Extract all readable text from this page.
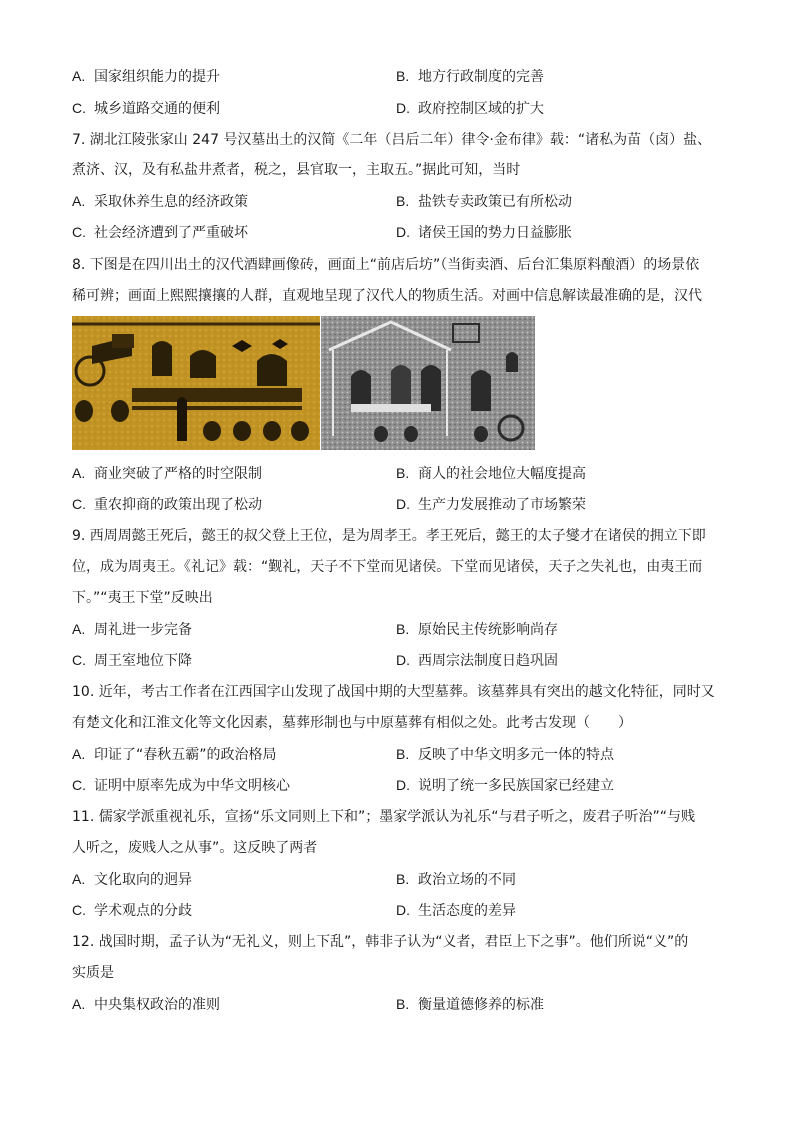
A. 国家组织能力的提升	B. 地方行政制度的完善
C. 城乡道路交通的便利	D. 政府控制区域的扩大
7. 湖北江陵张家山 247 号汉墓出土的汉简《二年（吕后二年）律令·金布律》载：“诸私为苗（卤）盐、
煮济、汉，及有私盐井煮者，税之，县官取一，主取五。”据此可知，当时
A. 采取休养生息的经济政策	B. 盐铁专卖政策已有所松动
C. 社会经济遭到了严重破坏	D. 诸侯王国的势力日益膨胀
8. 下图是在四川出土的汉代酒肆画像砖，画面上“前店后坊”（当街卖酒、后台汇集原料酿酒）的场景依
稀可辨；画面上熙熙攘攘的人群，直观地呈现了汉代人的物质生活。对画中信息解读最准确的是，汉代
A. 商业突破了严格的时空限制	B. 商人的社会地位大幅度提高
C. 重农抑商的政策出现了松动	D. 生产力发展推动了市场繁荣
9. 西周周懿王死后，懿王的叔父登上王位，是为周孝王。孝王死后，懿王的太子燮才在诸侯的拥立下即
位，成为周夷王。《礼记》载：“觐礼，天子不下堂而见诸侯。下堂而见诸侯，天子之失礼也，由夷王而
下。”“夷王下堂”反映出
A. 周礼进一步完备	B. 原始民主传统影响尚存
C. 周王室地位下降	D. 西周宗法制度日趋巩固
10. 近年，考古工作者在江西国字山发现了战国中期的大型墓葬。该墓葬具有突出的越文化特征，同时又
有楚文化和江淮文化等文化因素，墓葬形制也与中原墓葬有相似之处。此考古发现（　　）
A. 印证了“春秋五霸”的政治格局	B. 反映了中华文明多元一体的特点
C. 证明中原率先成为中华文明核心	D. 说明了统一多民族国家已经建立
11. 儒家学派重视礼乐，宣扬“乐文同则上下和”；墨家学派认为礼乐“与君子听之，废君子听治”“与贱
人听之，废贱人之从事”。这反映了两者
A. 文化取向的迥异	B. 政治立场的不同
C. 学术观点的分歧	D. 生活态度的差异
12. 战国时期，孟子认为“无礼义，则上下乱”，韩非子认为“义者，君臣上下之事”。他们所说“义”的
实质是
A. 中央集权政治的准则	B. 衡量道德修养的标准
